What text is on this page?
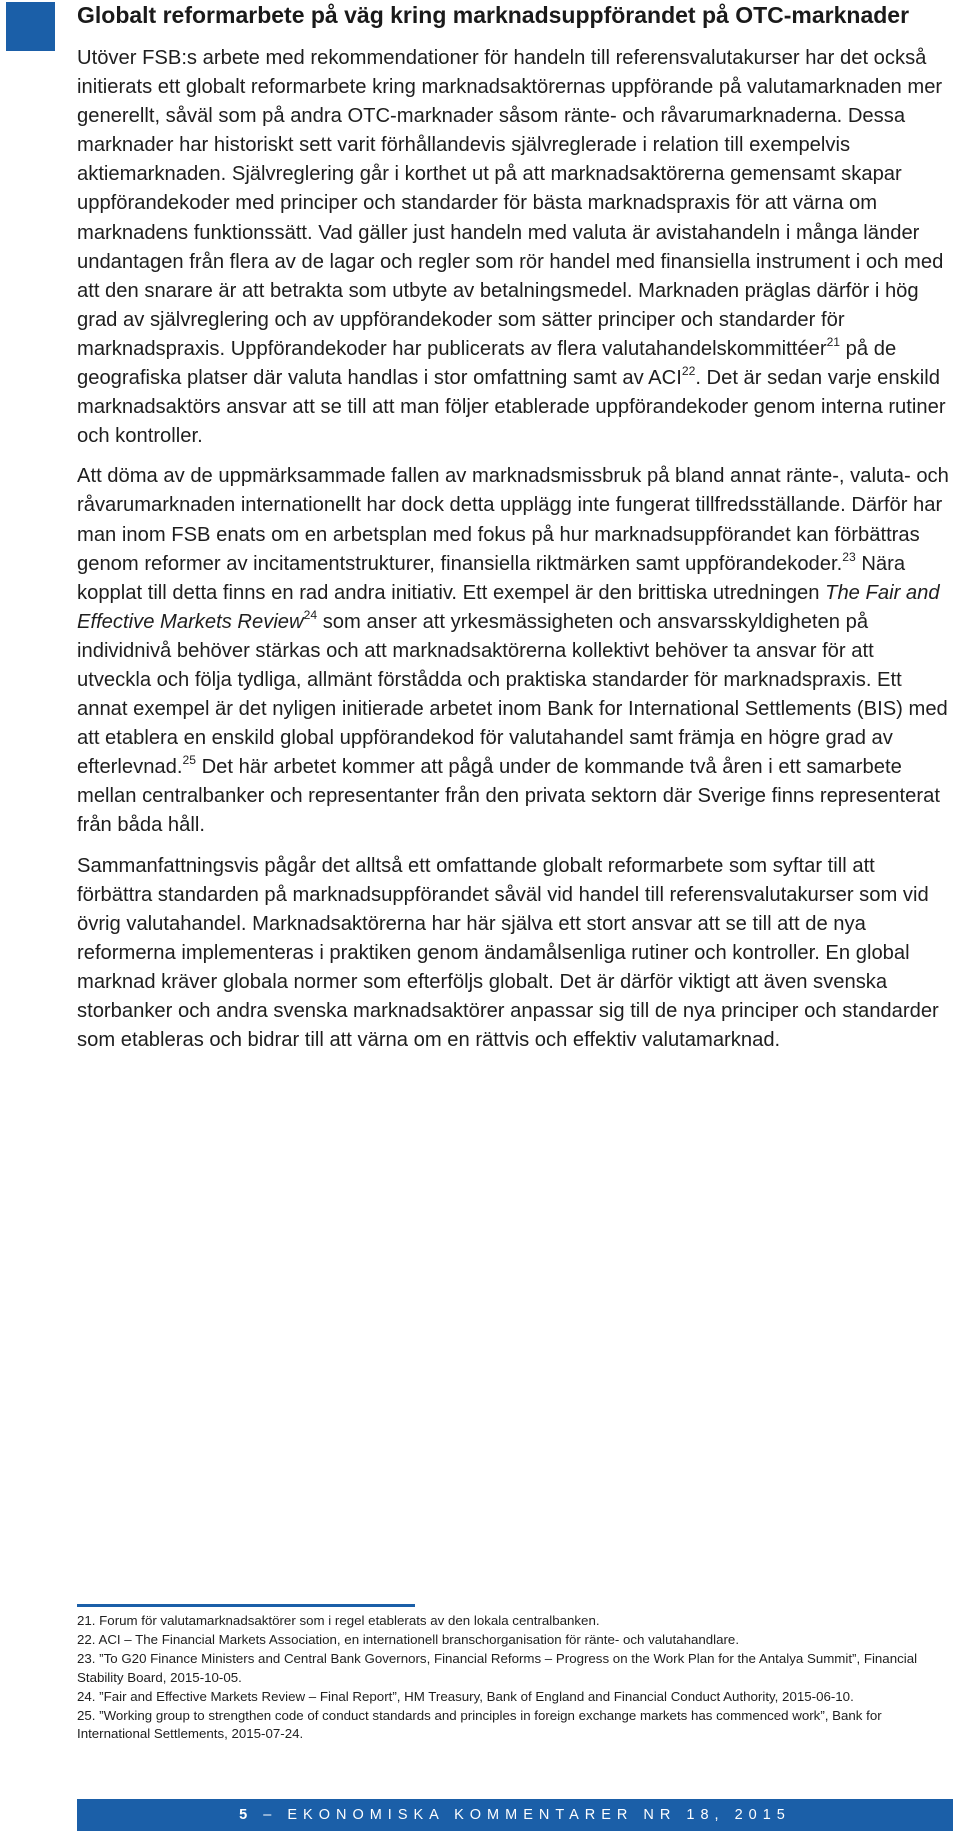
Globalt reformarbete på väg kring marknadsuppförandet på OTC-marknader

Utöver FSB:s arbete med rekommendationer för handeln till referensvalutakurser har det också initierats ett globalt reformarbete kring marknadsaktörernas uppförande på valutamarknaden mer generellt, såväl som på andra OTC-marknader såsom ränte- och råvarumarknaderna. Dessa marknader har historiskt sett varit förhållandevis självreglerade i relation till exempelvis aktiemarknaden. Självreglering går i korthet ut på att marknadsaktörerna gemensamt skapar uppförandekoder med principer och standarder för bästa marknadspraxis för att värna om marknadens funktionssätt. Vad gäller just handeln med valuta är avistahandeln i många länder undantagen från flera av de lagar och regler som rör handel med finansiella instrument i och med att den snarare är att betrakta som utbyte av betalningsmedel. Marknaden präglas därför i hög grad av självreglering och av uppförandekoder som sätter principer och standarder för marknadspraxis. Uppförandekoder har publicerats av flera valutahandelskommittéer$^{21}$ på de geografiska platser där valuta handlas i stor omfattning samt av ACI$^{22}$. Det är sedan varje enskild marknadsaktörs ansvar att se till att man följer etablerade uppförandekoder genom interna rutiner och kontroller.

Att döma av de uppmärksammade fallen av marknadsmissbruk på bland annat ränte-, valuta- och råvarumarknaden internationellt har dock detta upplägg inte fungerat tillfredsställande. Därför har man inom FSB enats om en arbetsplan med fokus på hur marknadsuppförandet kan förbättras genom reformer av incitamentstrukturer, finansiella riktmärken samt uppförandekoder.$^{23}$ Nära kopplat till detta finns en rad andra initiativ. Ett exempel är den brittiska utredningen The Fair and Effective Markets Review$^{24}$ som anser att yrkesmässigheten och ansvarsskyldigheten på individnivå behöver stärkas och att marknadsaktörerna kollektivt behöver ta ansvar för att utveckla och följa tydliga, allmänt förstådda och praktiska standarder för marknadspraxis. Ett annat exempel är det nyligen initierade arbetet inom Bank for International Settlements (BIS) med att etablera en enskild global uppförandekod för valutahandel samt främja en högre grad av efterlevnad.$^{25}$ Det här arbetet kommer att pågå under de kommande två åren i ett samarbete mellan centralbanker och representanter från den privata sektorn där Sverige finns representerat från båda håll.

Sammanfattningsvis pågår det alltså ett omfattande globalt reformarbete som syftar till att förbättra standarden på marknadsuppförandet såväl vid handel till referensvalutakurser som vid övrig valutahandel. Marknadsaktörerna har här själva ett stort ansvar att se till att de nya reformerna implementeras i praktiken genom ändamålsenliga rutiner och kontroller. En global marknad kräver globala normer som efterföljs globalt. Det är därför viktigt att även svenska storbanker och andra svenska marknadsaktörer anpassar sig till de nya principer och standarder som etableras och bidrar till att värna om en rättvis och effektiv valutamarknad.

21. Forum för valutamarknadsaktörer som i regel etablerats av den lokala centralbanken.
22. ACI – The Financial Markets Association, en internationell branschorganisation för ränte- och valutahandlare.
23. ”To G20 Finance Ministers and Central Bank Governors, Financial Reforms – Progress on the Work Plan for the Antalya Summit”, Financial Stability Board, 2015-10-05.
24. ”Fair and Effective Markets Review – Final Report”, HM Treasury, Bank of England and Financial Conduct Authority, 2015-06-10.
25. ”Working group to strengthen code of conduct standards and principles in foreign exchange markets has commenced work”, Bank for International Settlements, 2015-07-24.
5 – EKONOMISKA KOMMENTARER NR 18, 2015
